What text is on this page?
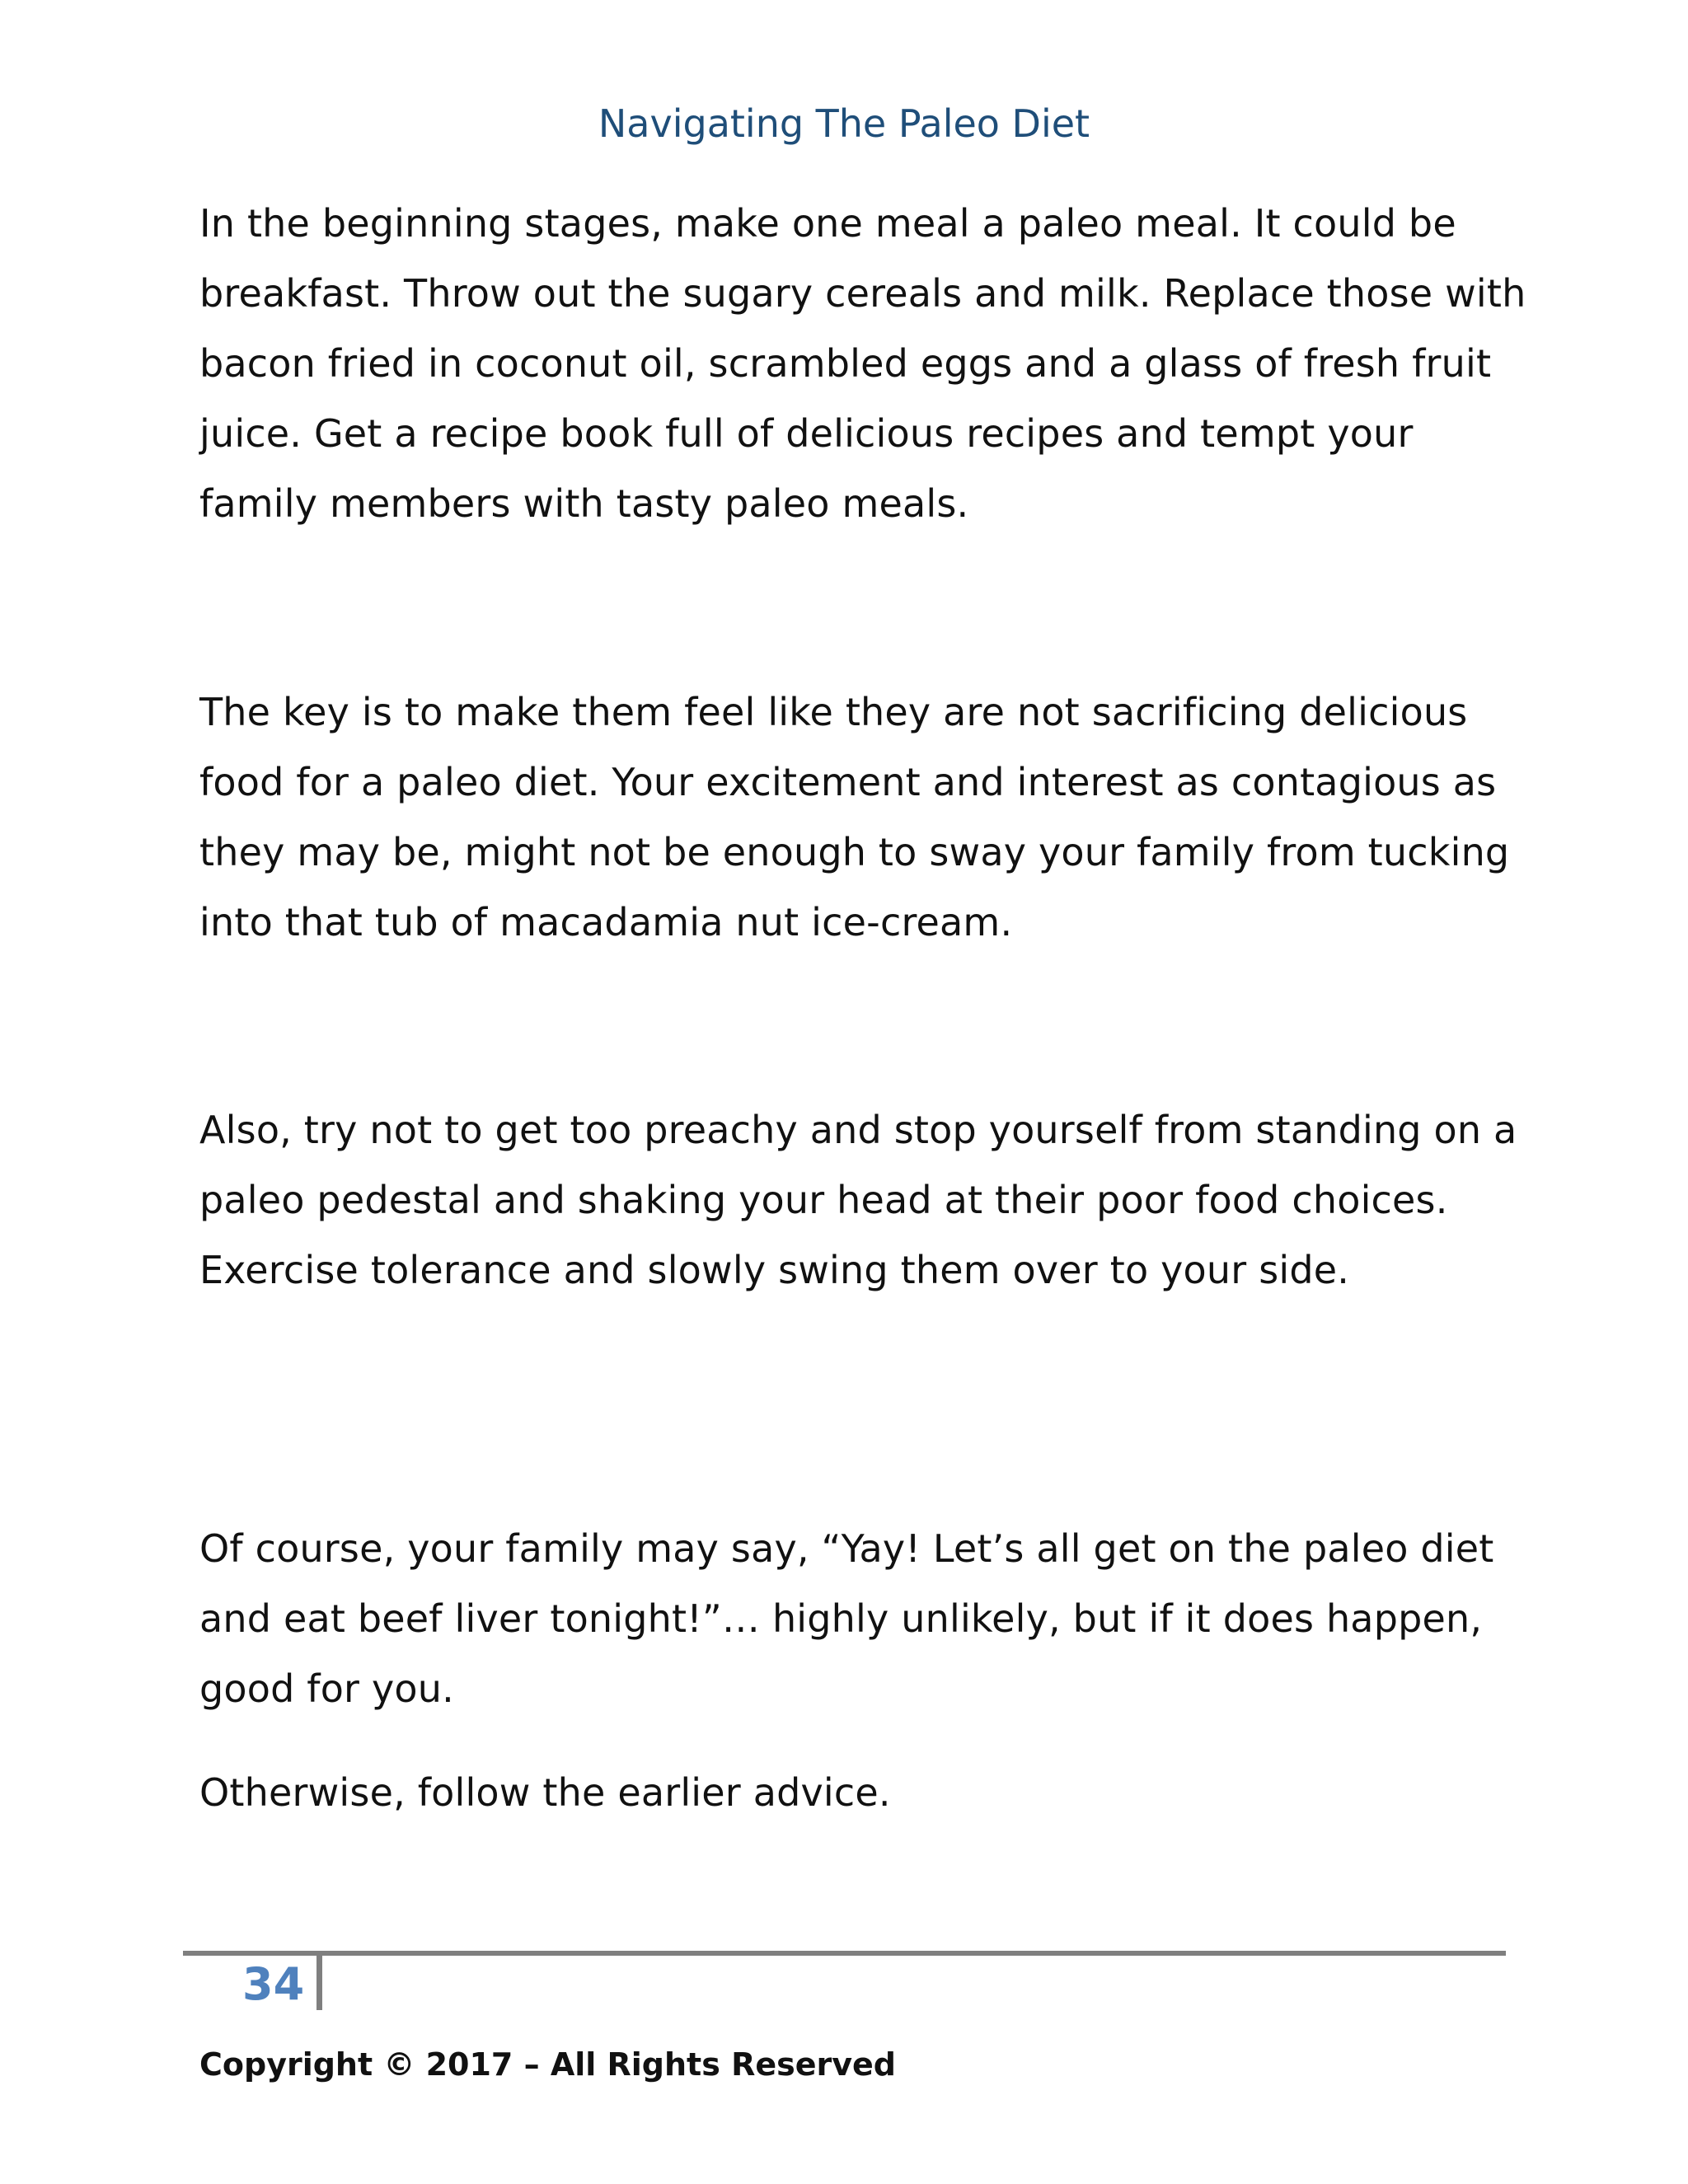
Navigating The Paleo Diet

In the beginning stages, make one meal a paleo meal. It could be breakfast. Throw out the sugary cereals and milk. Replace those with bacon fried in coconut oil, scrambled eggs and a glass of fresh fruit juice. Get a recipe book full of delicious recipes and tempt your family members with tasty paleo meals.

The key is to make them feel like they are not sacrificing delicious food for a paleo diet. Your excitement and interest as contagious as they may be, might not be enough to sway your family from tucking into that tub of macadamia nut ice-cream.

Also, try not to get too preachy and stop yourself from standing on a paleo pedestal and shaking your head at their poor food choices. Exercise tolerance and slowly swing them over to your side.

Of course, your family may say, “Yay! Let’s all get on the paleo diet and eat beef liver tonight!”… highly unlikely, but if it does happen, good for you.

Otherwise, follow the earlier advice.

34
Copyright © 2017 – All Rights Reserved
